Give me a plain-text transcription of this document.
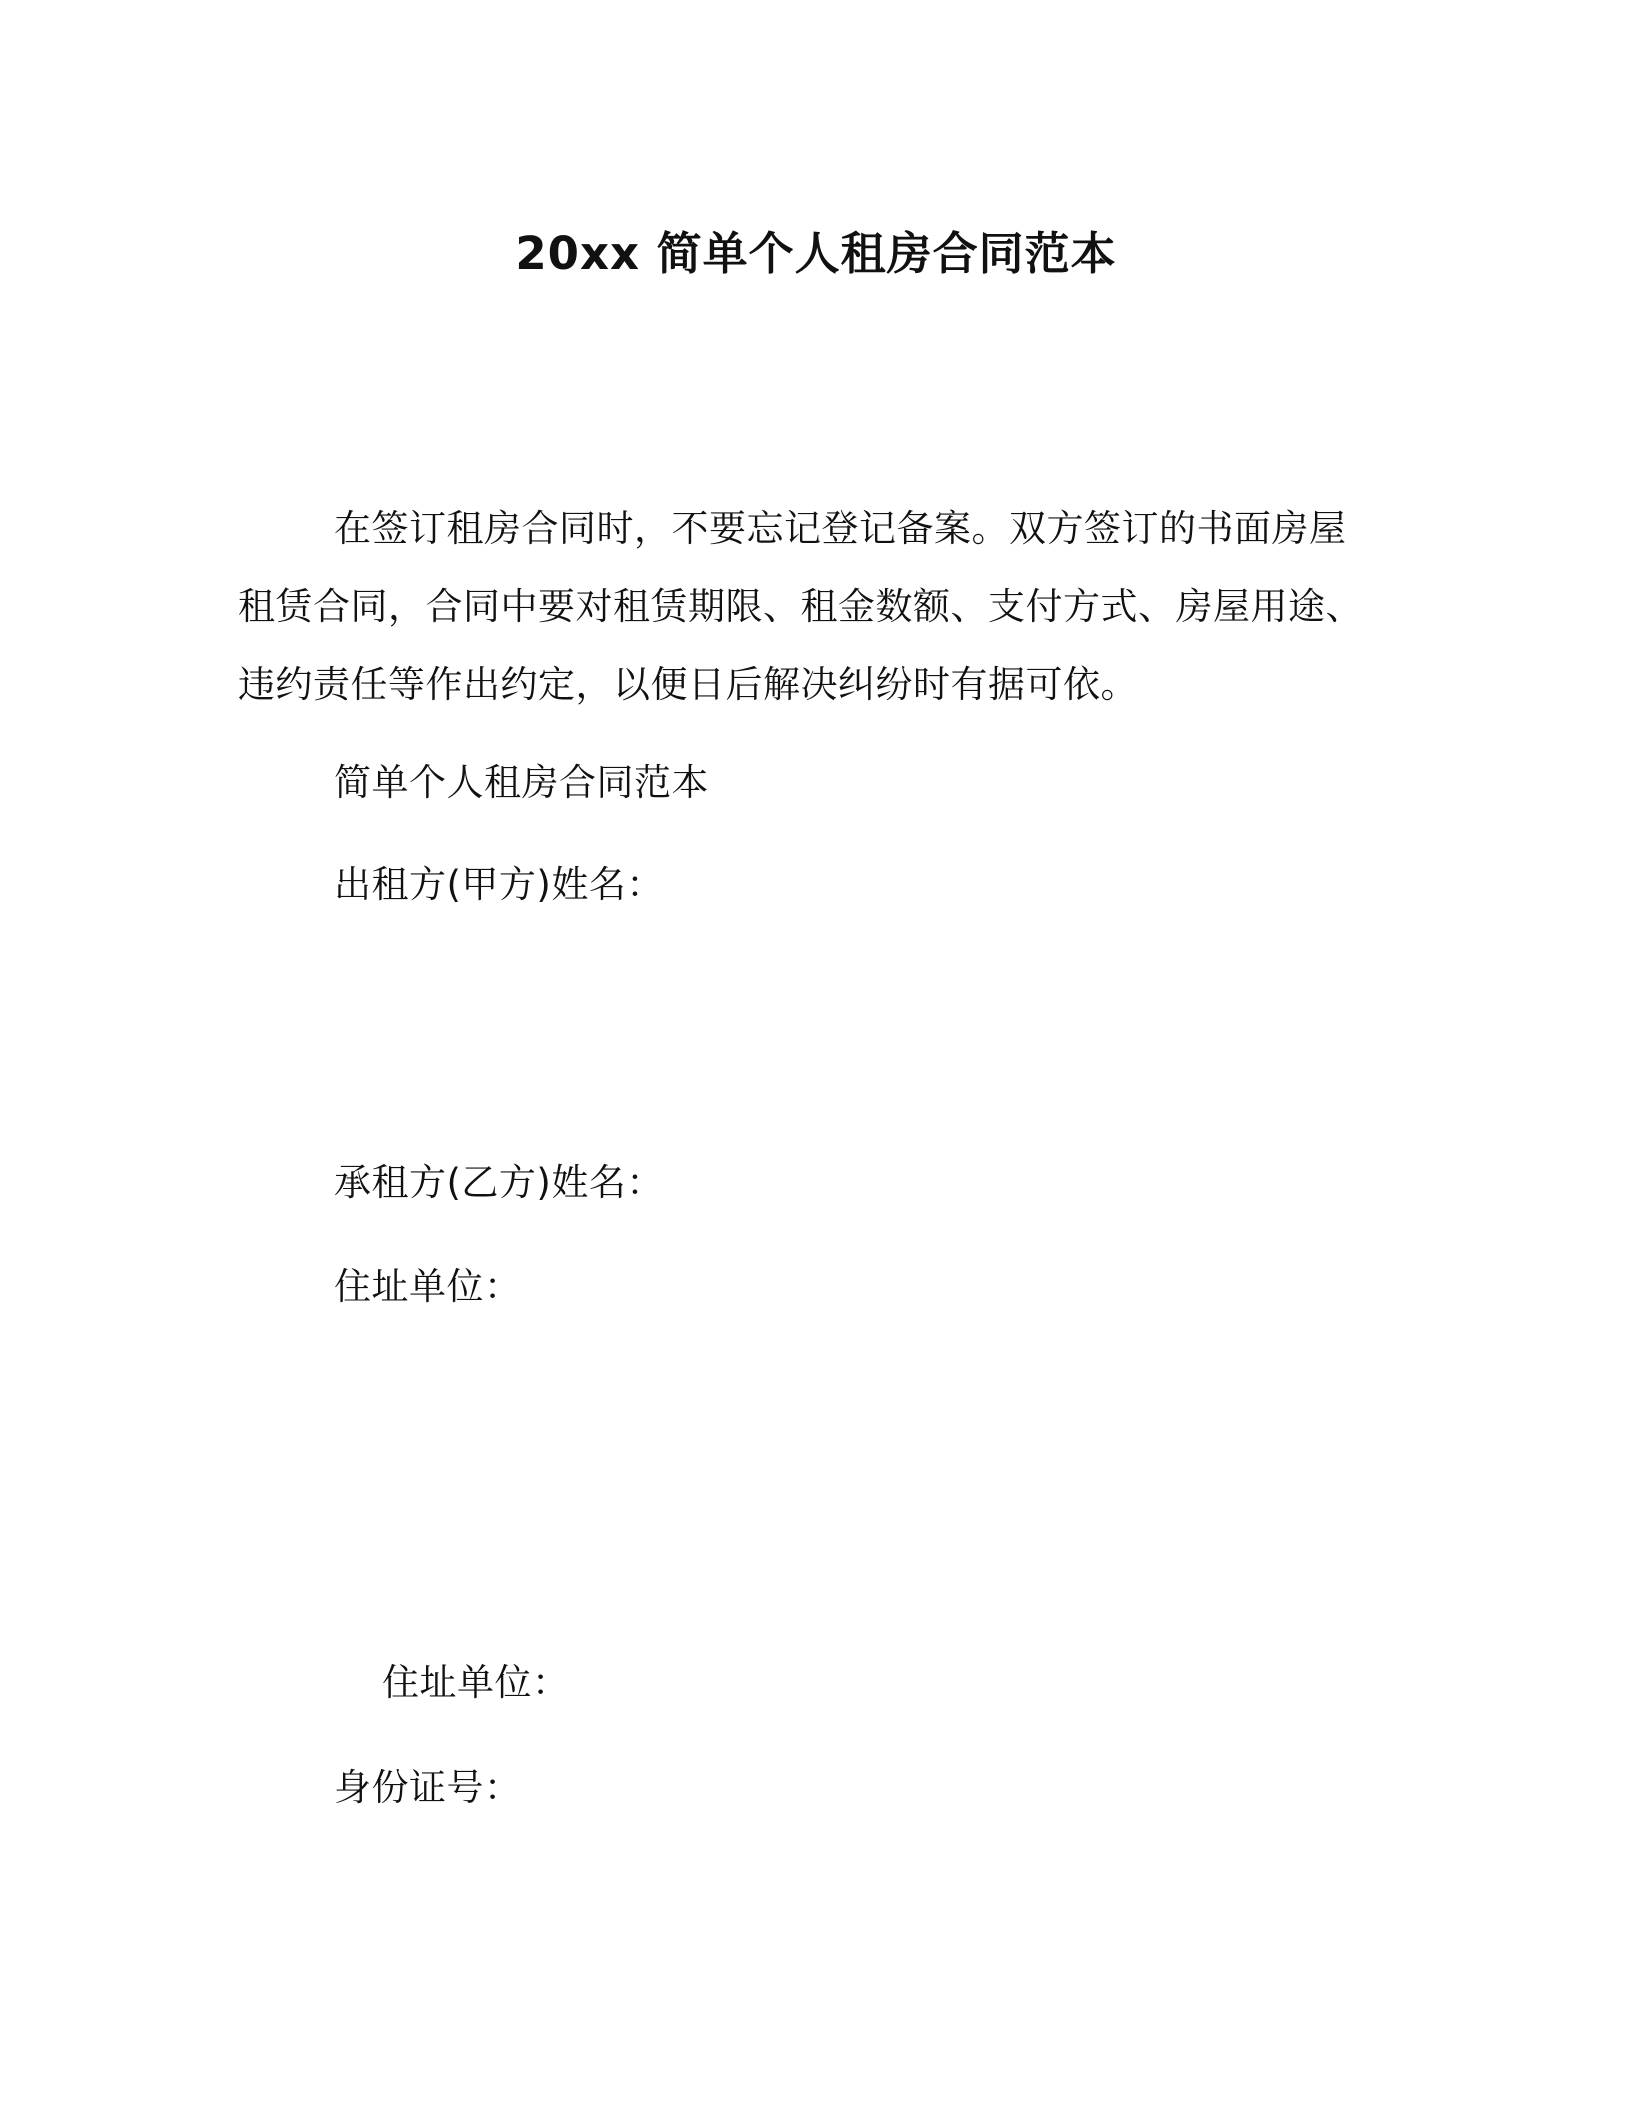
20xx 简单个人租房合同范本
在签订租房合同时，不要忘记登记备案。双方签订的书面房屋租赁合同，合同中要对租赁期限、租金数额、支付方式、房屋用途、违约责任等作出约定，以便日后解决纠纷时有据可依。
简单个人租房合同范本
出租方(甲方)姓名：
承租方(乙方)姓名：
住址单位：
住址单位：
身份证号：
